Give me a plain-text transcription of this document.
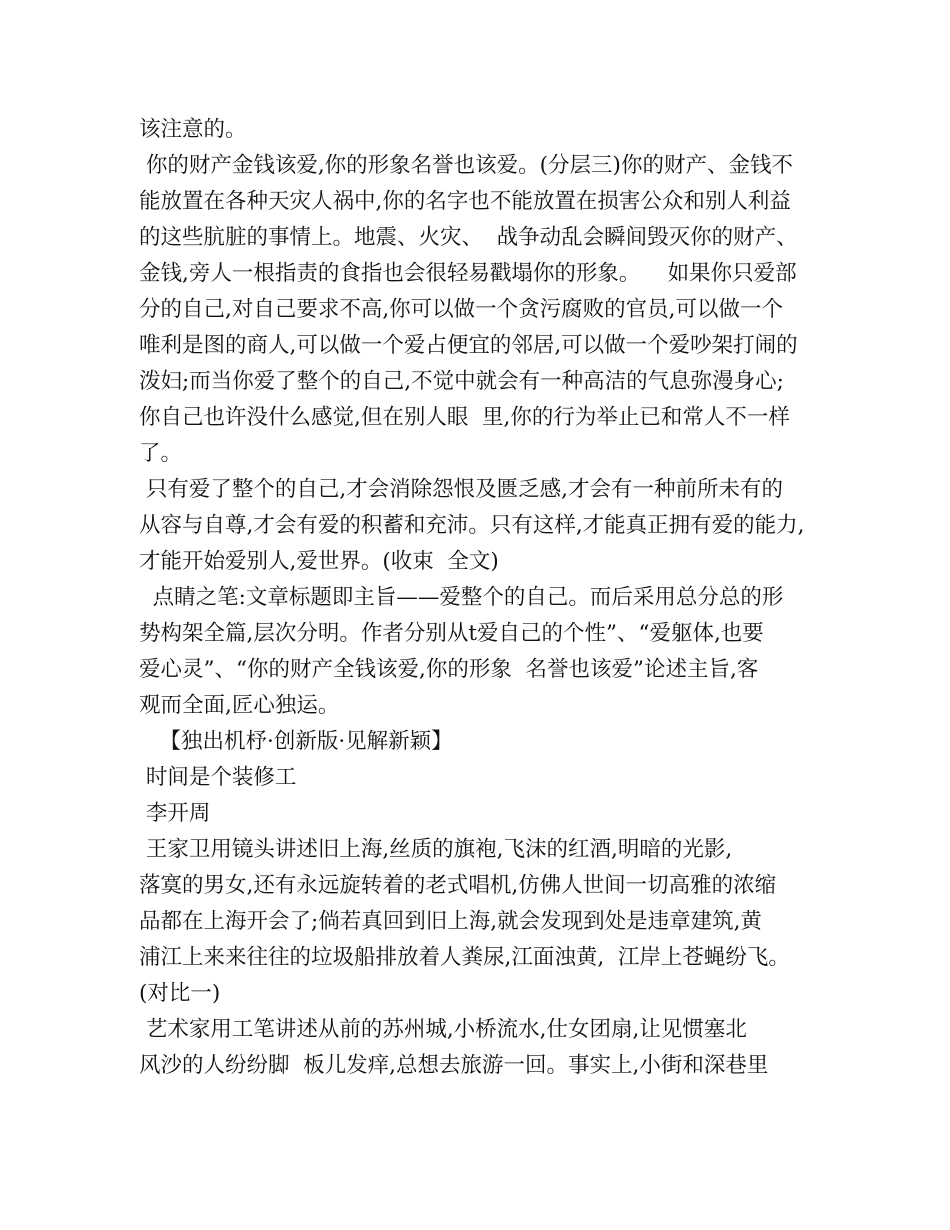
该注意的。
你的财产金钱该爱,你的形象名誉也该爱。(分层三)你的财产、金钱不
能放置在各种天灾人祸中,你的名字也不能放置在损害公众和别人利益
的这些肮脏的事情上。地震、火灾、  战争动乱会瞬间毁灭你的财产、
金钱,旁人一根指责的食指也会很轻易戳塌你的形象。    如果你只爱部
分的自己,对自己要求不高,你可以做一个贪污腐败的官员,可以做一个
唯利是图的商人,可以做一个爱占便宜的邻居,可以做一个爱吵架打闹的
泼妇;而当你爱了整个的自己,不觉中就会有一种高洁的气息弥漫身心;
你自己也许没什么感觉,但在别人眼  里,你的行为举止已和常人不一样
了。
只有爱了整个的自己,才会消除怨恨及匮乏感,才会有一种前所未有的
从容与自尊,才会有爱的积蓄和充沛。只有这样,才能真正拥有爱的能力,
才能开始爱别人,爱世界。(收束  全文)
点睛之笔:文章标题即主旨——爱整个的自己。而后采用总分总的形
势构架全篇,层次分明。作者分别从t爱自己的个性”、“爱躯体,也要
爱心灵”、“你的财产全钱该爱,你的形象  名誉也该爱”论述主旨,客
观而全面,匠心独运。
【独出机杼·创新版·见解新颖】
时间是个装修工
李开周
王家卫用镜头讲述旧上海,丝质的旗袍,飞沫的红酒,明暗的光影,
落寞的男女,还有永远旋转着的老式唱机,仿佛人世间一切高雅的浓缩
品都在上海开会了;倘若真回到旧上海,就会发现到处是违章建筑,黄
浦江上来来往往的垃圾船排放着人粪尿,江面浊黄,  江岸上苍蝇纷飞。
(对比一)
艺术家用工笔讲述从前的苏州城,小桥流水,仕女团扇,让见惯塞北
风沙的人纷纷脚  板儿发痒,总想去旅游一回。事实上,小街和深巷里
